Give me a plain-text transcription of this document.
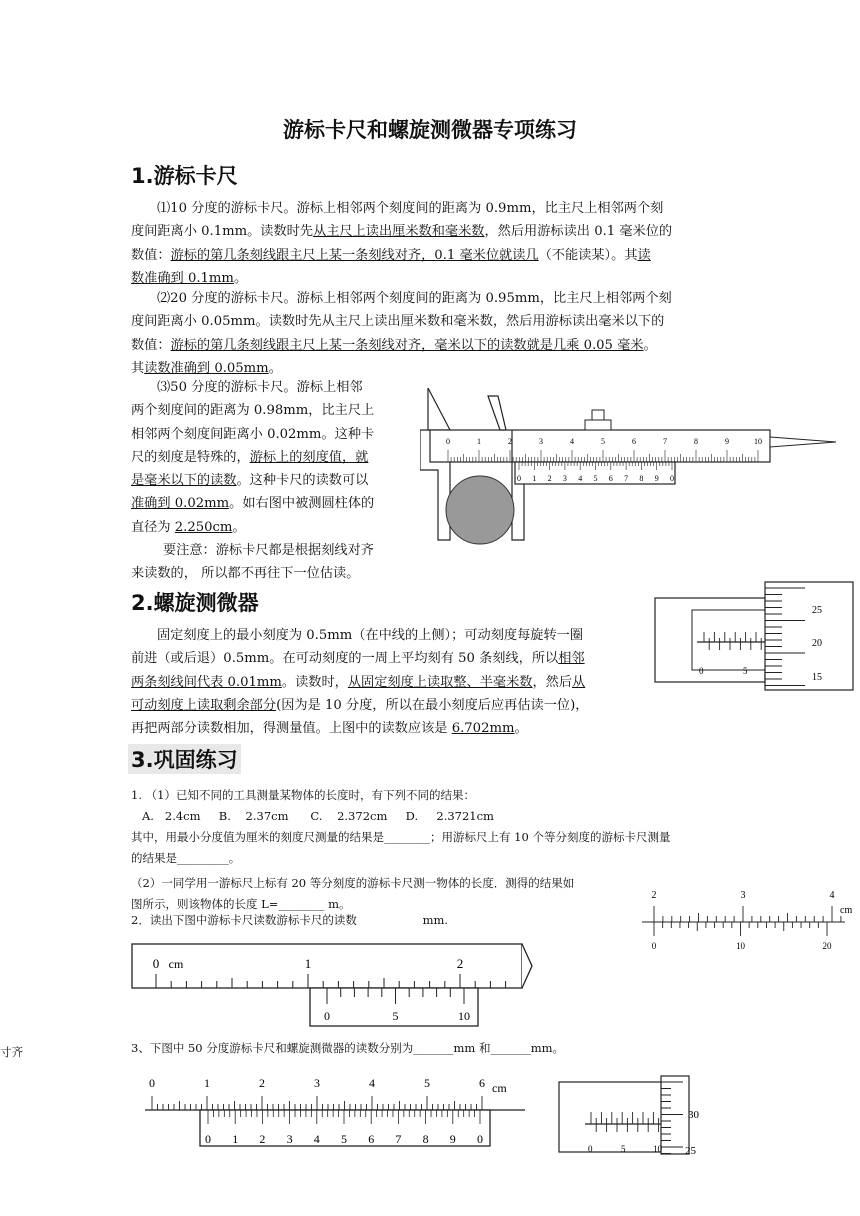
游标卡尺和螺旋测微器专项练习
1.游标卡尺
⑴10 分度的游标卡尺。游标上相邻两个刻度间的距离为 0.9mm，比主尺上相邻两个刻
度间距离小 0.1mm。读数时先从主尺上读出厘米数和毫米数，然后用游标读出 0.1 毫米位的
数值：游标的第几条刻线跟主尺上某一条刻线对齐，0.1 毫米位就读几（不能读某）。其读
数准确到 0.1mm。
⑵20 分度的游标卡尺。游标上相邻两个刻度间的距离为 0.95mm，比主尺上相邻两个刻
度间距离小 0.05mm。读数时先从主尺上读出厘米数和毫米数，然后用游标读出毫米以下的
数值：游标的第几条刻线跟主尺上某一条刻线对齐，毫米以下的读数就是几乘 0.05 毫米。
其读数准确到 0.05mm。
⑶50 分度的游标卡尺。游标上相邻
两个刻度间的距离为 0.98mm，比主尺上
相邻两个刻度间距离小 0.02mm。这种卡
尺的刻度是特殊的，游标上的刻度值，就
是毫米以下的读数。这种卡尺的读数可以
准确到 0.02mm。如右图中被测圆柱体的
直径为 2.250cm。
要注意：游标卡尺都是根据刻线对齐
来读数的， 所以都不再往下一位估读。
0	1	2	3	4	5	6	7	8	9	10
0 1 2 3 4 5 6 7 8 9 0
2.螺旋测微器
固定刻度上的最小刻度为 0.5mm（在中线的上侧）；可动刻度每旋转一圈
前进（或后退）0.5mm。在可动刻度的一周上平均刻有 50 条刻线，所以相邻
两条刻线间代表 0.01mm。读数时，从固定刻度上读取整、半毫米数，然后从
可动刻度上读取剩余部分(因为是 10 分度，所以在最小刻度后应再估读一位)，
再把两部分读数相加，得测量值。上图中的读数应该是 6.702mm。
25
20
15
0	5
3.巩固练习
1. （1）已知不同的工具测量某物体的长度时，有下列不同的结果：
A.   2.4cm     B.    2.37cm      C.    2.372cm     D.     2.3721cm
其中，用最小分度值为厘米的刻度尺测量的结果是________；用游标尺上有 10 个等分刻度的游标卡尺测量
的结果是_________。
（2）一同学用一游标尺上标有 20 等分刻度的游标卡尺测一物体的长度．测得的结果如
图所示，则该物体的长度 L=________ m。
2．读出下图中游标卡尺读数游标卡尺的读数                  mm.
2	3	4
cm
0	10	20
0	1	2
cm
0	5	10
寸齐	3、下图中 50 分度游标卡尺和螺旋测微器的读数分别为_______mm 和_______mm。
0	1	2	3	4	5	6 cm
0 1 2 3 4 5 6 7 8 9 0
30
25
0	5	10
